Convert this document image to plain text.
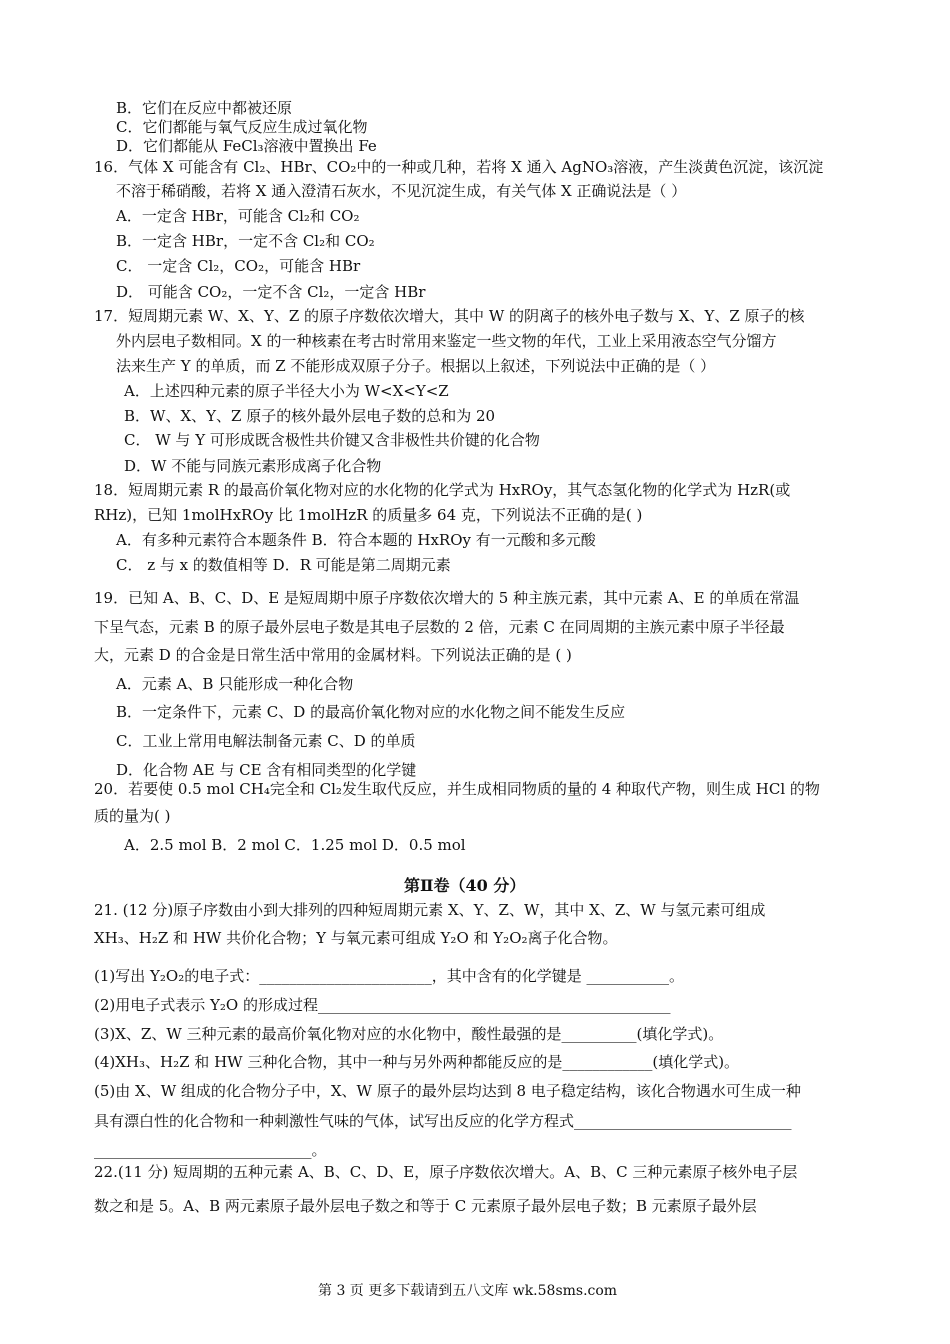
B．它们在反应中都被还原
C．它们都能与氧气反应生成过氧化物
D．它们都能从 FeCl₃溶液中置换出 Fe
16．气体 X 可能含有 Cl₂、HBr、CO₂中的一种或几种，若将 X 通入 AgNO₃溶液，产生淡黄色沉淀，该沉淀
不溶于稀硝酸，若将 X 通入澄清石灰水，不见沉淀生成，有关气体 X 正确说法是（ ）
A．一定含 HBr，可能含 Cl₂和 CO₂
B．一定含 HBr，一定不含 Cl₂和 CO₂
C． 一定含 Cl₂，CO₂，可能含 HBr
D． 可能含 CO₂，一定不含 Cl₂，一定含 HBr
17．短周期元素 W、X、Y、Z 的原子序数依次增大，其中 W 的阴离子的核外电子数与 X、Y、Z 原子的核
外内层电子数相同。X 的一种核素在考古时常用来鉴定一些文物的年代，工业上采用液态空气分馏方
法来生产 Y 的单质，而 Z 不能形成双原子分子。根据以上叙述，下列说法中正确的是（ ）
A．上述四种元素的原子半径大小为 W<X<Y<Z
B．W、X、Y、Z 原子的核外最外层电子数的总和为 20
C． W 与 Y 可形成既含极性共价键又含非极性共价键的化合物
D．W 不能与同族元素形成离子化合物
18．短周期元素 R 的最高价氧化物对应的水化物的化学式为 HxROy，其气态氢化物的化学式为 HzR(或
RHz)，已知 1molHxROy 比 1molHzR 的质量多 64 克，下列说法不正确的是( )
A．有多种元素符合本题条件 B．符合本题的 HxROy 有一元酸和多元酸
C． z 与 x 的数值相等 D．R 可能是第二周期元素
19．已知 A、B、C、D、E 是短周期中原子序数依次增大的 5 种主族元素，其中元素 A、E 的单质在常温
下呈气态，元素 B 的原子最外层电子数是其电子层数的 2 倍，元素 C 在同周期的主族元素中原子半径最
大，元素 D 的合金是日常生活中常用的金属材料。下列说法正确的是 ( )
A．元素 A、B 只能形成一种化合物
B．一定条件下，元素 C、D 的最高价氧化物对应的水化物之间不能发生反应
C．工业上常用电解法制备元素 C、D 的单质
D．化合物 AE 与 CE 含有相同类型的化学键
20．若要使 0.5 mol CH₄完全和 Cl₂发生取代反应，并生成相同物质的量的 4 种取代产物，则生成 HCl 的物
质的量为( )
A．2.5 mol B．2 mol C．1.25 mol D．0.5 mol
第Ⅱ卷（40 分）
21. (12 分)原子序数由小到大排列的四种短周期元素 X、Y、Z、W，其中 X、Z、W 与氢元素可组成
XH₃、H₂Z 和 HW 共价化合物；Y 与氧元素可组成 Y₂O 和 Y₂O₂离子化合物。
(1)写出 Y₂O₂的电子式：_______________________，其中含有的化学键是 ___________。
(2)用电子式表示 Y₂O 的形成过程_______________________________________________
(3)X、Z、W 三种元素的最高价氧化物对应的水化物中，酸性最强的是__________(填化学式)。
(4)XH₃、H₂Z 和 HW 三种化合物，其中一种与另外两种都能反应的是____________(填化学式)。
(5)由 X、W 组成的化合物分子中，X、W 原子的最外层均达到 8 电子稳定结构，该化合物遇水可生成一种
具有漂白性的化合物和一种刺激性气味的气体，试写出反应的化学方程式_____________________________
_____________________________。
22.(11 分) 短周期的五种元素 A、B、C、D、E，原子序数依次增大。A、B、C 三种元素原子核外电子层
数之和是 5。A、B 两元素原子最外层电子数之和等于 C 元素原子最外层电子数；B 元素原子最外层
第 3 页 更多下载请到五八文库 wk.58sms.com
